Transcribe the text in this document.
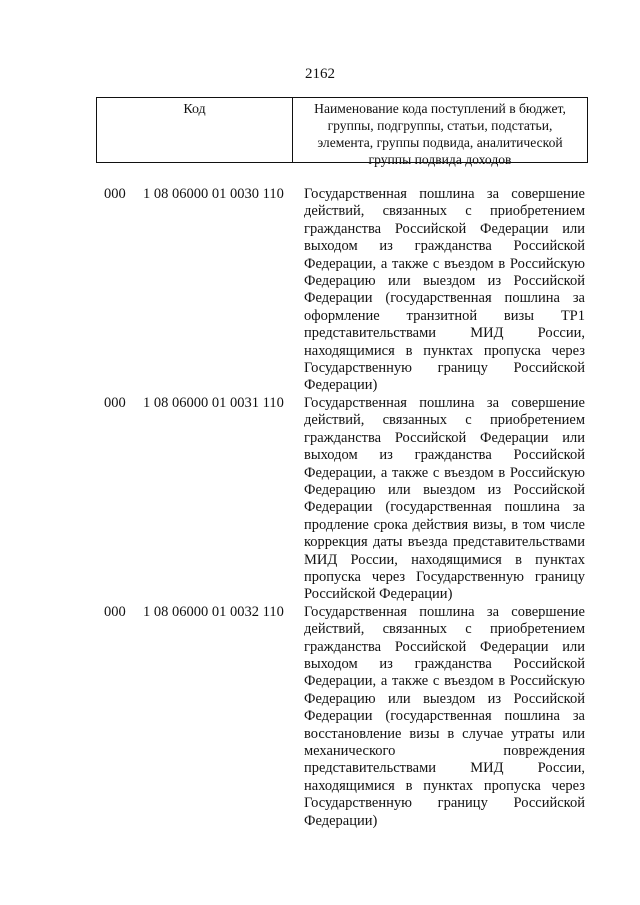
2162
Код	Наименование кода поступлений в бюджет, группы, подгруппы, статьи, подстатьи, элемента, группы подвида, аналитической группы подвида доходов
000 1 08 06000 01 0030 110 Государственная пошлина за совершение действий, связанных с приобретением гражданства Российской Федерации или выходом из гражданства Российской Федерации, а также с въездом в Российскую Федерацию или выездом из Российской Федерации (государственная пошлина за оформление транзитной визы ТР1 представительствами МИД России, находящимися в пунктах пропуска через Государственную границу Российской Федерации)
000 1 08 06000 01 0031 110 Государственная пошлина за совершение действий, связанных с приобретением гражданства Российской Федерации или выходом из гражданства Российской Федерации, а также с въездом в Российскую Федерацию или выездом из Российской Федерации (государственная пошлина за продление срока действия визы, в том числе коррекция даты въезда представительствами МИД России, находящимися в пунктах пропуска через Государственную границу Российской Федерации)
000 1 08 06000 01 0032 110 Государственная пошлина за совершение действий, связанных с приобретением гражданства Российской Федерации или выходом из гражданства Российской Федерации, а также с въездом в Российскую Федерацию или выездом из Российской Федерации (государственная пошлина за восстановление визы в случае утраты или механического повреждения представительствами МИД России, находящимися в пунктах пропуска через Государственную границу Российской Федерации)
